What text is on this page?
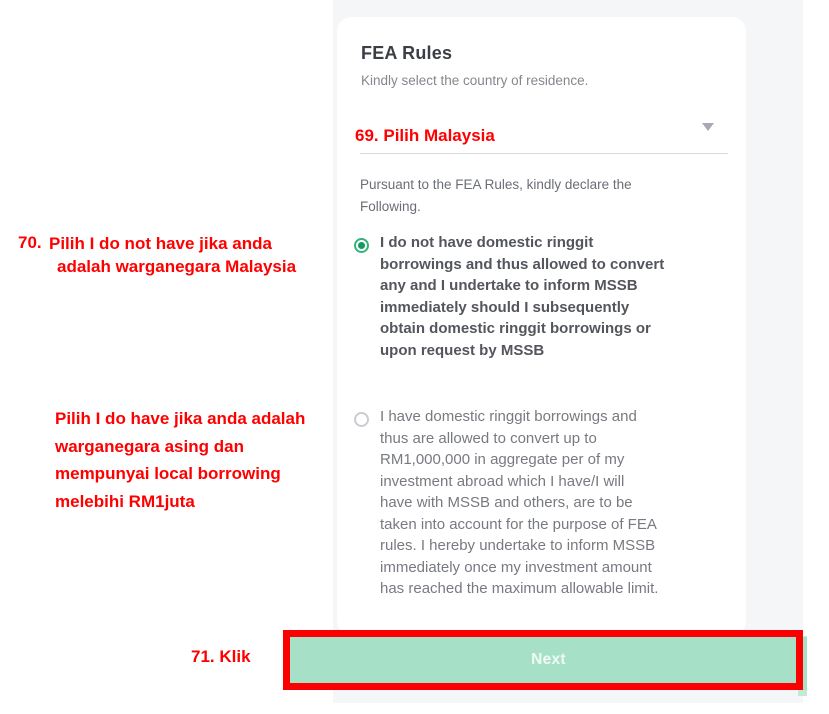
FEA Rules
Kindly select the country of residence.
69. Pilih Malaysia
Pursuant to the FEA Rules, kindly declare the
Following.
I do not have domestic ringgit
borrowings and thus allowed to convert
any and I undertake to inform MSSB
immediately should I subsequently
obtain domestic ringgit borrowings or
upon request by MSSB
I have domestic ringgit borrowings and
thus are allowed to convert up to
RM1,000,000 in aggregate per of my
investment abroad which I have/I will
have with MSSB and others, are to be
taken into account for the purpose of FEA
rules. I hereby undertake to inform MSSB
immediately once my investment amount
has reached the maximum allowable limit.
Next
70. Pilih I do not have jika anda
adalah warganegara Malaysia
Pilih I do have jika anda adalah
warganegara asing dan
mempunyai local borrowing
melebihi RM1juta
71. Klik
